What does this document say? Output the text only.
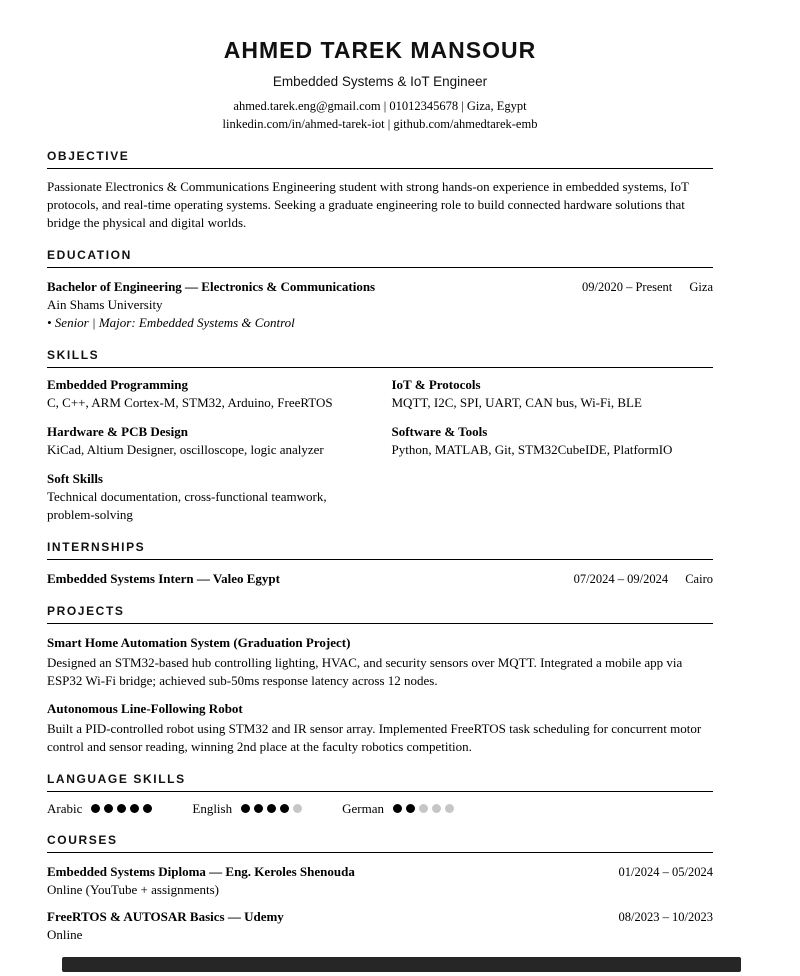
AHMED TAREK MANSOUR
Embedded Systems & IoT Engineer
ahmed.tarek.eng@gmail.com | 01012345678 | Giza, Egypt
linkedin.com/in/ahmed-tarek-iot | github.com/ahmedtarek-emb
OBJECTIVE
Passionate Electronics & Communications Engineering student with strong hands-on experience in embedded systems, IoT protocols, and real-time operating systems. Seeking a graduate engineering role to build connected hardware solutions that bridge the physical and digital worlds.
EDUCATION
Bachelor of Engineering — Electronics & Communications	09/2020 – Present Giza
Ain Shams University
• Senior | Major: Embedded Systems & Control
SKILLS
Embedded Programming
C, C++, ARM Cortex-M, STM32, Arduino, FreeRTOS
IoT & Protocols
MQTT, I2C, SPI, UART, CAN bus, Wi-Fi, BLE
Hardware & PCB Design
KiCad, Altium Designer, oscilloscope, logic analyzer
Software & Tools
Python, MATLAB, Git, STM32CubeIDE, PlatformIO
Soft Skills
Technical documentation, cross-functional teamwork, problem-solving
INTERNSHIPS
Embedded Systems Intern — Valeo Egypt	07/2024 – 09/2024 Cairo
PROJECTS
Smart Home Automation System (Graduation Project)
Designed an STM32-based hub controlling lighting, HVAC, and security sensors over MQTT. Integrated a mobile app via ESP32 Wi-Fi bridge; achieved sub-50ms response latency across 12 nodes.
Autonomous Line-Following Robot
Built a PID-controlled robot using STM32 and IR sensor array. Implemented FreeRTOS task scheduling for concurrent motor control and sensor reading, winning 2nd place at the faculty robotics competition.
LANGUAGE SKILLS
Arabic	English	German
COURSES
Embedded Systems Diploma — Eng. Keroles Shenouda	01/2024 – 05/2024
Online (YouTube + assignments)
FreeRTOS & AUTOSAR Basics — Udemy	08/2023 – 10/2023
Online
